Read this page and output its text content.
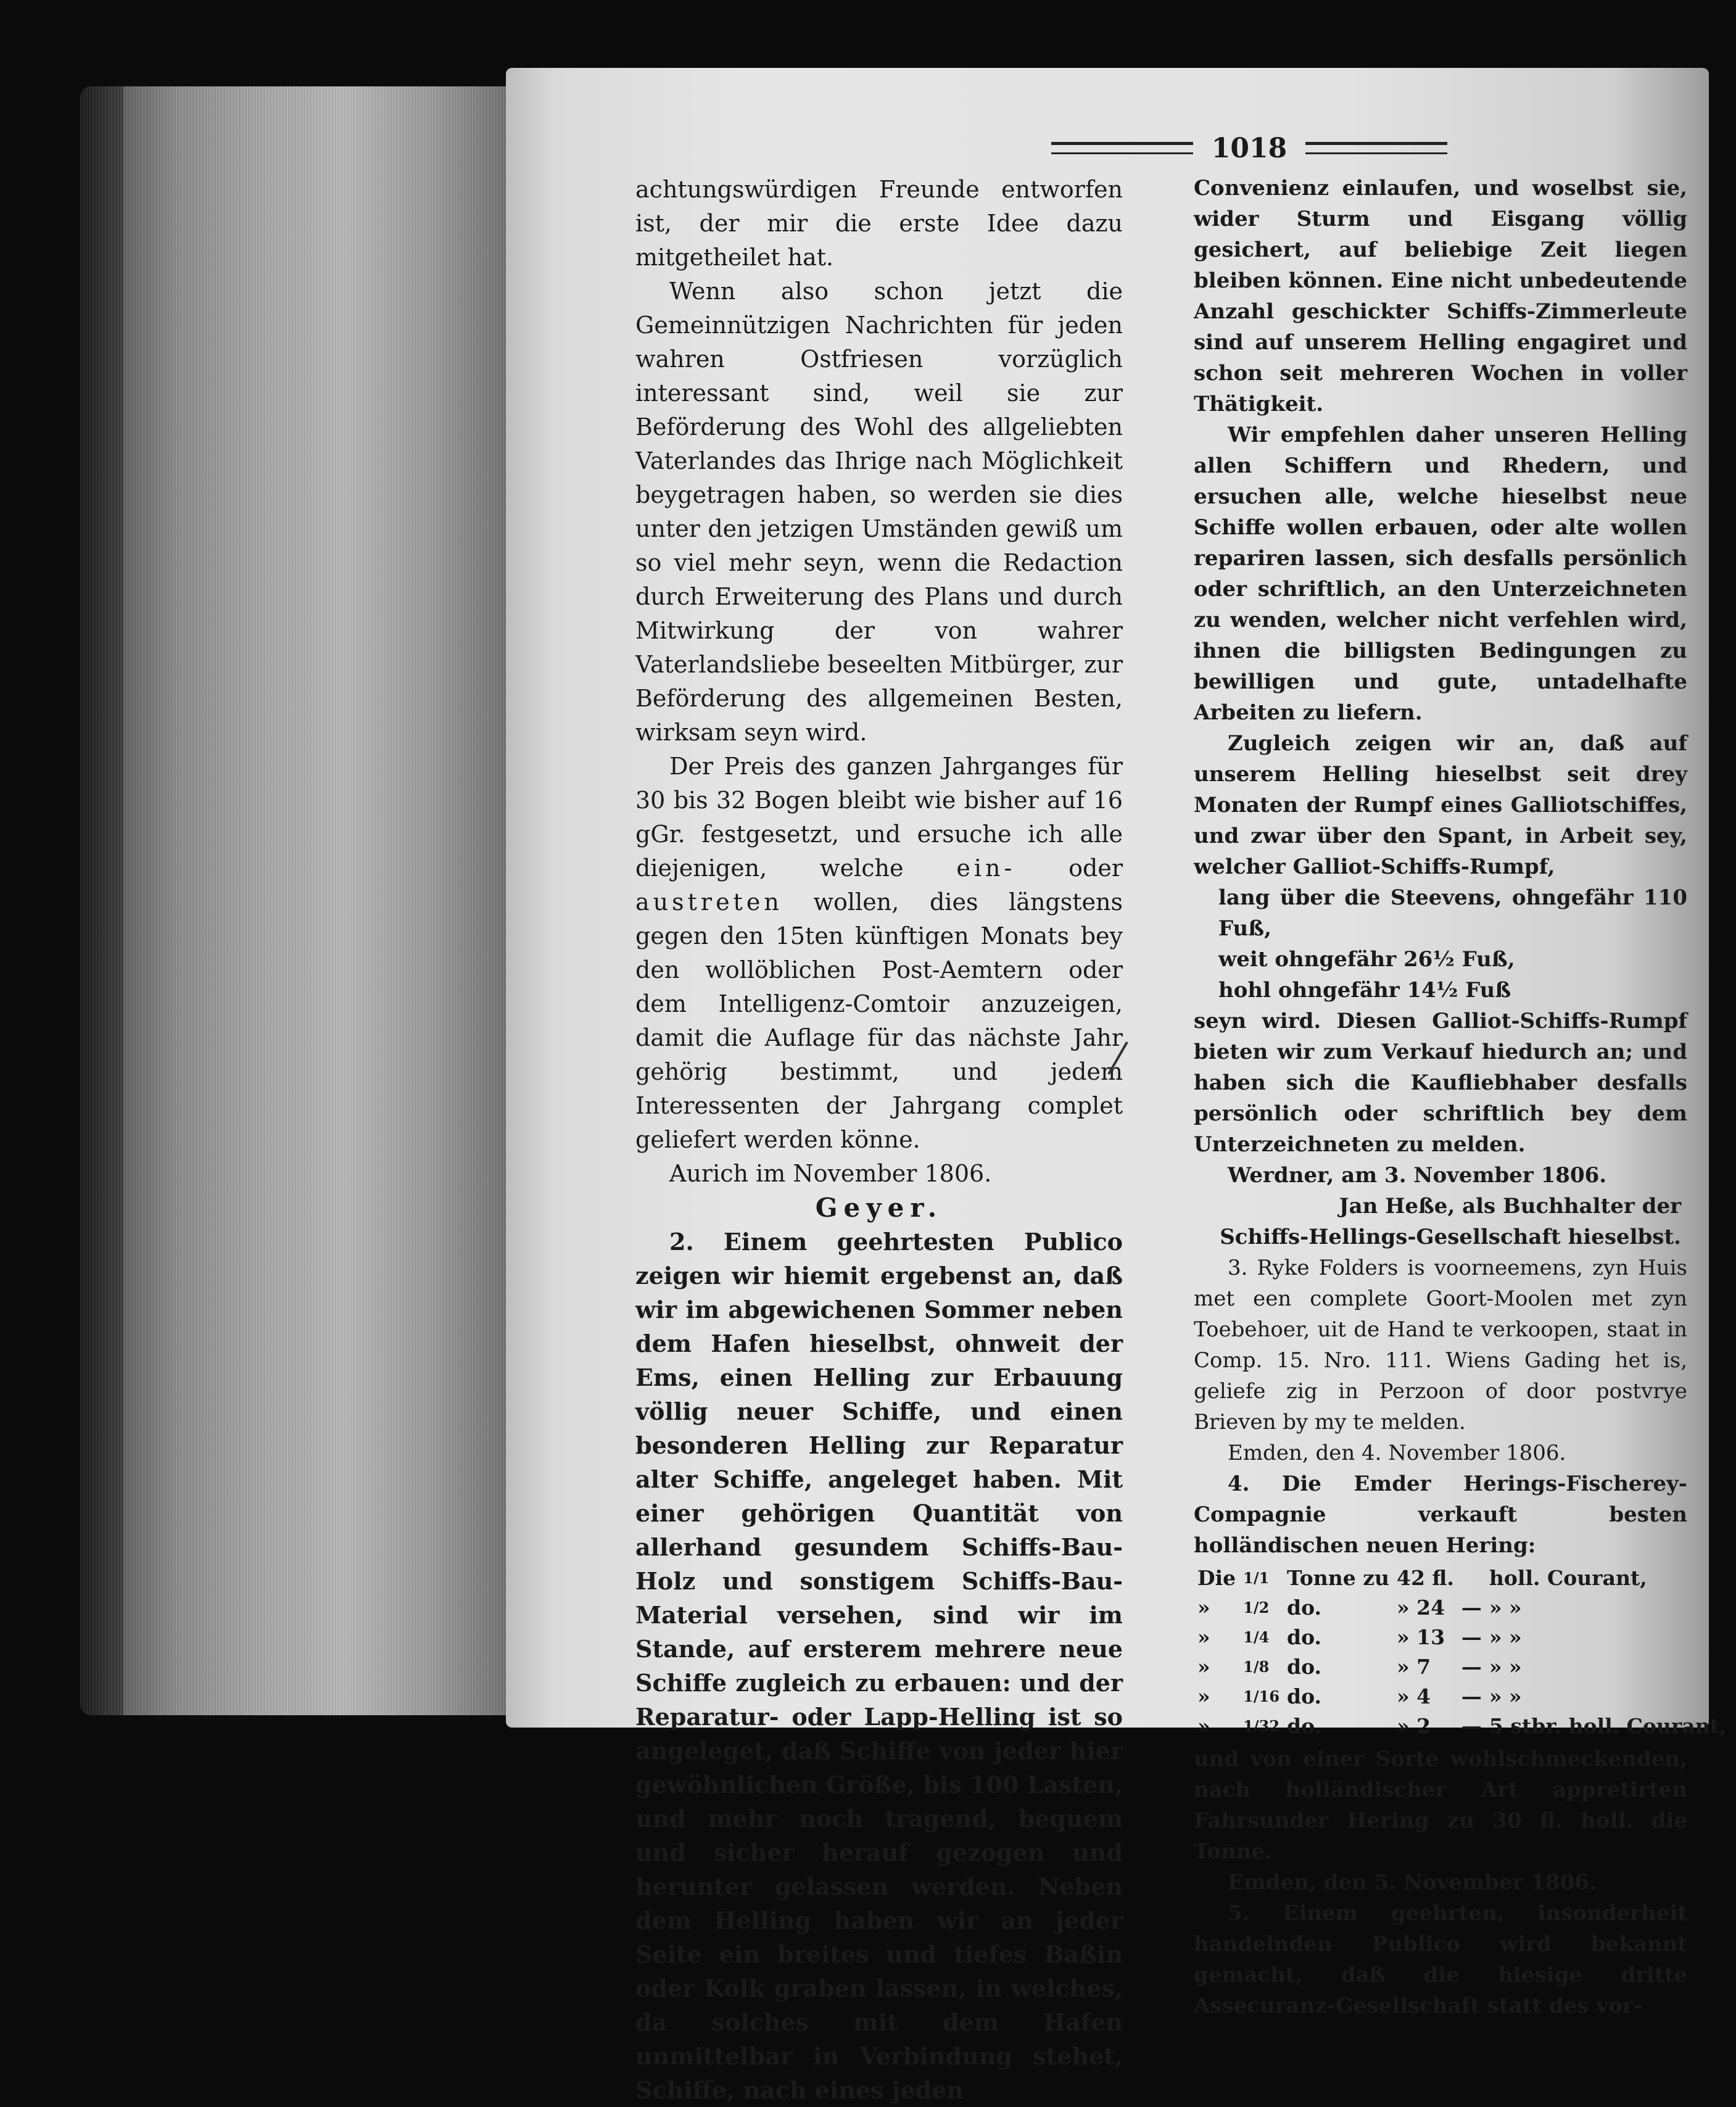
1018

achtungswürdigen Freunde entworfen ist, der mir die erste Idee dazu mitgetheilet hat.

Wenn also schon jetzt die Gemeinnützigen Nachrichten für jeden wahren Ostfriesen vorzüglich interessant sind, weil sie zur Beförderung des Wohl des allgeliebten Vaterlandes das Ihrige nach Möglichkeit beygetragen haben, so werden sie dies unter den jetzigen Umständen gewiß um so viel mehr seyn, wenn die Redaction durch Erweiterung des Plans und durch Mitwirkung der von wahrer Vaterlandsliebe beseelten Mitbürger, zur Beförderung des allgemeinen Besten, wirksam seyn wird.

Der Preis des ganzen Jahrganges für 30 bis 32 Bogen bleibt wie bisher auf 16 gGr. festgesetzt, und ersuche ich alle diejenigen, welche ein- oder austreten wollen, dies längstens gegen den 15ten künftigen Monats bey den wollöblichen Post-Aemtern oder dem Intelligenz-Comtoir anzuzeigen, damit die Auflage für das nächste Jahr gehörig bestimmt, und jedem Interessenten der Jahrgang complet geliefert werden könne.

Aurich im November 1806.

Geyer.

2. Einem geehrtesten Publico zeigen wir hiemit ergebenst an, daß wir im abgewichenen Sommer neben dem Hafen hieselbst, ohnweit der Ems, einen Helling zur Erbauung völlig neuer Schiffe, und einen besonderen Helling zur Reparatur alter Schiffe, angeleget haben. Mit einer gehörigen Quantität von allerhand gesundem Schiffs-Bau-Holz und sonstigem Schiffs-Bau-Material versehen, sind wir im Stande, auf ersterem mehrere neue Schiffe zugleich zu erbauen: und der Reparatur- oder Lapp-Helling ist so angeleget, daß Schiffe von jeder hier gewöhnlichen Größe, bis 100 Lasten, und mehr noch tragend, bequem und sicher herauf gezogen und herunter gelassen werden. Neben dem Helling haben wir an jeder Seite ein breites und tiefes Baßin oder Kolk graben lassen, in welches, da solches mit dem Hafen unmittelbar in Verbindung stehet, Schiffe, nach eines jeden

Convenienz einlaufen, und woselbst sie, wider Sturm und Eisgang völlig gesichert, auf beliebige Zeit liegen bleiben können. Eine nicht unbedeutende Anzahl geschickter Schiffs-Zimmerleute sind auf unserem Helling engagiret und schon seit mehreren Wochen in voller Thätigkeit.

Wir empfehlen daher unseren Helling allen Schiffern und Rhedern, und ersuchen alle, welche hieselbst neue Schiffe wollen erbauen, oder alte wollen repariren lassen, sich desfalls persönlich oder schriftlich, an den Unterzeichneten zu wenden, welcher nicht verfehlen wird, ihnen die billigsten Bedingungen zu bewilligen und gute, untadelhafte Arbeiten zu liefern.

Zugleich zeigen wir an, daß auf unserem Helling hieselbst seit drey Monaten der Rumpf eines Galliotschiffes, und zwar über den Spant, in Arbeit sey, welcher Galliot-Schiffs-Rumpf,

lang über die Steevens, ohngefähr 110 Fuß,

weit ohngefähr 26½ Fuß,

hohl ohngefähr 14½ Fuß

seyn wird. Diesen Galliot-Schiffs-Rumpf bieten wir zum Verkauf hiedurch an; und haben sich die Kaufliebhaber desfalls persönlich oder schriftlich bey dem Unterzeichneten zu melden.

Werdner, am 3. November 1806.

Jan Heße, als Buchhalter der

Schiffs-Hellings-Gesellschaft hieselbst.

3. Ryke Folders is voorneemens, zyn Huis met een complete Goort-Moolen met zyn Toebehoer, uit de Hand te verkoopen, staat in Comp. 15. Nro. 111. Wiens Gading het is, geliefe zig in Perzoon of door postvrye Brieven by my te melden.

Emden, den 4. November 1806.

4. Die Emder Herings-Fischerey-Compagnie verkauft besten holländischen neuen Hering:

Die	1/1	Tonne zu	42 fl.		holl. Courant,
»	1/2	do.	» 24	—	» »
»	1/4	do.	» 13	—	» »
»	1/8	do.	» 7	—	» »
»	1/16	do.	» 4	—	» »
»	1/32	do.	» 2	—	5 stbr. holl. Courant,

und von einer Sorte wohlschmeckenden, nach holländischer Art appretirten Fahrsunder Hering zu 30 fl. holl. die Tonne.

Emden, den 5. November 1806.

5. Einem geehrten, insonderheit handelnden Publico wird bekannt gemacht, daß die hiesige dritte Assecuranz-Gesellschaft statt des vor-
